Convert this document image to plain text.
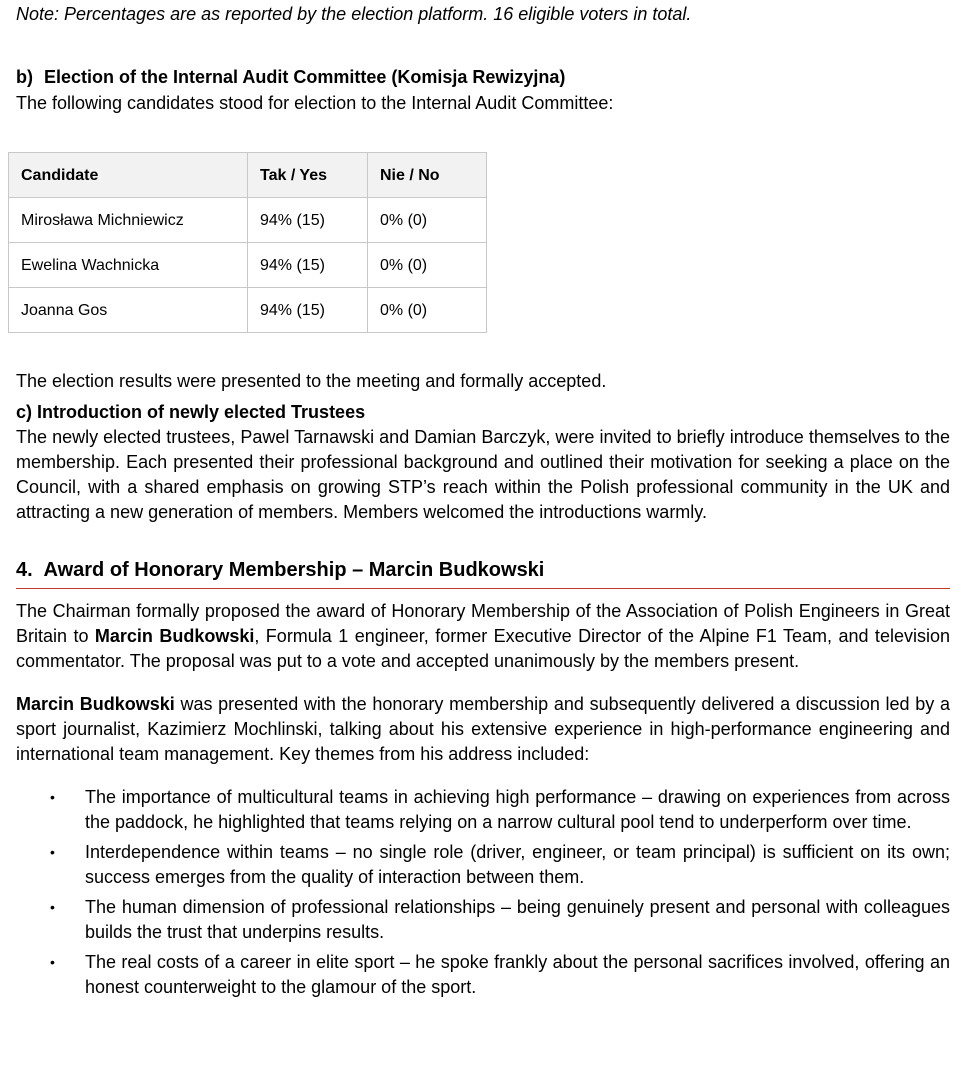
Note: Percentages are as reported by the election platform. 16 eligible voters in total.

b) Election of the Internal Audit Committee (Komisja Rewizyjna)

The following candidates stood for election to the Internal Audit Committee:

Candidate	Tak / Yes	Nie / No
Mirosława Michniewicz	94% (15)	0% (0)
Ewelina Wachnicka	94% (15)	0% (0)
Joanna Gos	94% (15)	0% (0)

The election results were presented to the meeting and formally accepted.

c) Introduction of newly elected Trustees

The newly elected trustees, Pawel Tarnawski and Damian Barczyk, were invited to briefly introduce themselves to the membership. Each presented their professional background and outlined their motivation for seeking a place on the Council, with a shared emphasis on growing STP’s reach within the Polish professional community in the UK and attracting a new generation of members. Members welcomed the introductions warmly.

4. Award of Honorary Membership – Marcin Budkowski

The Chairman formally proposed the award of Honorary Membership of the Association of Polish Engineers in Great Britain to Marcin Budkowski, Formula 1 engineer, former Executive Director of the Alpine F1 Team, and television commentator. The proposal was put to a vote and accepted unanimously by the members present.

Marcin Budkowski was presented with the honorary membership and subsequently delivered a discussion led by a sport journalist, Kazimierz Mochlinski, talking about his extensive experience in high-performance engineering and international team management. Key themes from his address included:

• The importance of multicultural teams in achieving high performance – drawing on experiences from across the paddock, he highlighted that teams relying on a narrow cultural pool tend to underperform over time.
• Interdependence within teams – no single role (driver, engineer, or team principal) is sufficient on its own; success emerges from the quality of interaction between them.
• The human dimension of professional relationships – being genuinely present and personal with colleagues builds the trust that underpins results.
• The real costs of a career in elite sport – he spoke frankly about the personal sacrifices involved, offering an honest counterweight to the glamour of the sport.
